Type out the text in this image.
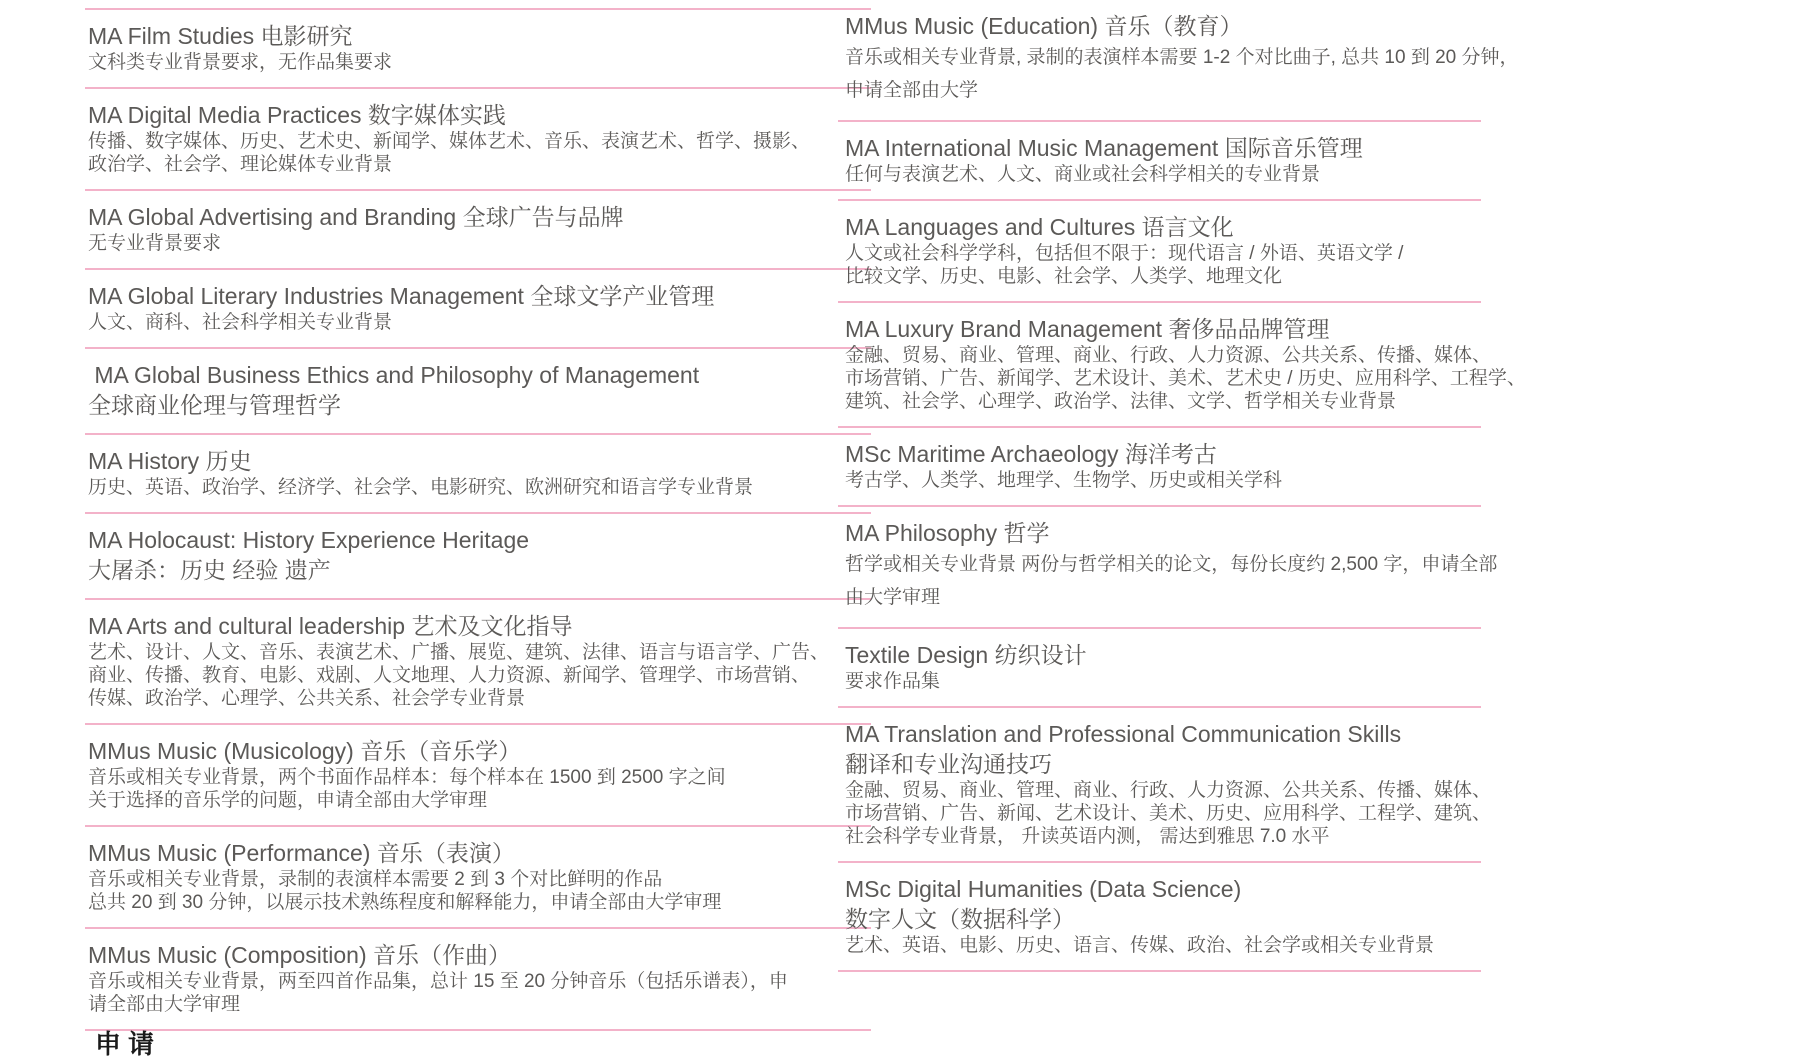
MA Film Studies 电影研究
文科类专业背景要求，无作品集要求
MA Digital Media Practices 数字媒体实践
传播、数字媒体、历史、艺术史、新闻学、媒体艺术、音乐、表演艺术、哲学、摄影、
政治学、社会学、理论媒体专业背景
MA Global Advertising and Branding 全球广告与品牌
无专业背景要求
MA Global Literary Industries Management 全球文学产业管理
人文、商科、社会科学相关专业背景
MA Global Business Ethics and Philosophy of Management
全球商业伦理与管理哲学
MA History 历史
历史、英语、政治学、经济学、社会学、电影研究、欧洲研究和语言学专业背景
MA Holocaust: History Experience Heritage
大屠杀：历史 经验 遗产
MA Arts and cultural leadership 艺术及文化指导
艺术、设计、人文、音乐、表演艺术、广播、展览、建筑、法律、语言与语言学、广告、
商业、传播、教育、电影、戏剧、人文地理、人力资源、新闻学、管理学、市场营销、
传媒、政治学、心理学、公共关系、社会学专业背景
MMus Music (Musicology) 音乐（音乐学）
音乐或相关专业背景，两个书面作品样本：每个样本在 1500 到 2500 字之间
关于选择的音乐学的问题，申请全部由大学审理
MMus Music (Performance) 音乐（表演）
音乐或相关专业背景，录制的表演样本需要 2 到 3 个对比鲜明的作品
总共 20 到 30 分钟，以展示技术熟练程度和解释能力，申请全部由大学审理
MMus Music (Composition) 音乐（作曲）
音乐或相关专业背景，两至四首作品集，总计 15 至 20 分钟音乐（包括乐谱表），申
请全部由大学审理
MMus Music (Education) 音乐（教育）
音乐或相关专业背景, 录制的表演样本需要 1-2 个对比曲子, 总共 10 到 20 分钟，
申请全部由大学
MA International Music Management 国际音乐管理
任何与表演艺术、人文、商业或社会科学相关的专业背景
MA Languages and Cultures 语言文化
人文或社会科学学科，包括但不限于：现代语言 / 外语、英语文学 /
比较文学、历史、电影、社会学、人类学、地理文化
MA Luxury Brand Management 奢侈品品牌管理
金融、贸易、商业、管理、商业、行政、人力资源、公共关系、传播、媒体、
市场营销、广告、新闻学、艺术设计、美术、艺术史 / 历史、应用科学、工程学、
建筑、社会学、心理学、政治学、法律、文学、哲学相关专业背景
MSc Maritime Archaeology 海洋考古
考古学、人类学、地理学、生物学、历史或相关学科
MA Philosophy 哲学
哲学或相关专业背景 两份与哲学相关的论文，每份长度约 2,500 字，申请全部
由大学审理
Textile Design 纺织设计
要求作品集
MA Translation and Professional Communication Skills
翻译和专业沟通技巧
金融、贸易、商业、管理、商业、行政、人力资源、公共关系、传播、媒体、
市场营销、广告、新闻、艺术设计、美术、历史、应用科学、工程学、建筑、
社会科学专业背景， 升读英语内测， 需达到雅思 7.0 水平
MSc Digital Humanities (Data Science)
数字人文（数据科学）
艺术、英语、电影、历史、语言、传媒、政治、社会学或相关专业背景
申请
